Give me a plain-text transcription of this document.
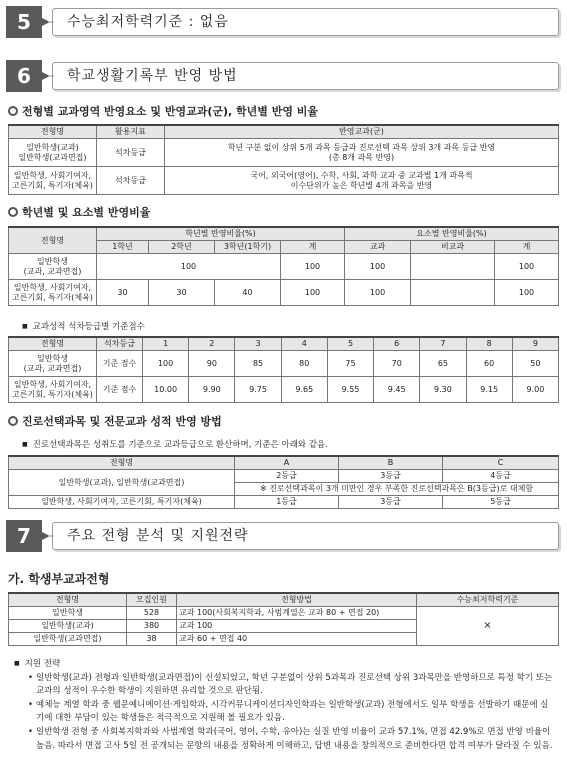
5	수능최저학력기준 : 없음
6	학교생활기록부 반영 방법
전형별 교과영역 반영요소 및 반영교과(군), 학년별 반영 비율
전형명	활용지표	반영교과(군)
일반학생(교과)
일반학생(교과면접)	석차등급	학년 구분 없이 상위 5개 과목 등급과 진로선택 과목 상위 3개 과목 등급 반영
(총 8개 과목 반영)
일반학생, 사회기여자,
고른기회, 특기자(체육)	석차등급	국어, 외국어(영어), 수학, 사회, 과학 교과 중 교과별 1개 과목씩
이수단위가 높은 학년별 4개 과목을 반영
학년별 및 요소별 반영비율
전형명	학년별 반영비율(%)				요소별 반영비율(%)		
	1학년	2학년	3학년(1학기)	계	교과	비교과	계
일반학생
(교과, 교과면접)	100			100	100		100
일반학생, 사회기여자,
고른기회, 특기자(체육)	30	30	40	100	100		100
■ 교과성적 석차등급별 기준점수
전형명	석차등급	1	2	3	4	5	6	7	8	9
일반학생
(교과, 교과면접)	기준 점수	100	90	85	80	75	70	65	60	50
일반학생, 사회기여자,
고른기회, 특기자(체육)	기준 점수	10.00	9.90	9.75	9.65	9.55	9.45	9.30	9.15	9.00
진로선택과목 및 전문교과 성적 반영 방법
■ 진로선택과목은 성취도를 기준으로 교과등급으로 환산하며, 기준은 아래와 같음.
전형명	A	B	C
일반학생(교과), 일반학생(교과면접)	2등급	3등급	4등급
	※ 진로선택과목이 3개 미만인 경우 부족한 진로선택과목은 B(3등급)로 대체함		
일반학생, 사회기여자, 고른기회, 특기자(체육)	1등급	3등급	5등급
7	주요 전형 분석 및 지원전략
가. 학생부교과전형
전형명	모집인원	전형방법	수능최저학력기준
일반학생	528	교과 100(사회복지학과, 사범계열은 교과 80 + 면접 20)	×
일반학생(교과)	380	교과 100	
일반학생(교과면접)	38	교과 60 + 면접 40	
■ 지원 전략
• 일반학생(교과) 전형과 일반학생(교과면접)이 신설되었고, 학년 구분없이 상위 5과목과 진로선택 상위 3과목만을 반영하므로 특정 학기 또는 교과의 성적이 우수한 학생이 지원하면 유리할 것으로 판단됨.
• 예체능 계열 학과 중 웹문예니메이션·게임학과, 시각커뮤니케이션디자인학과는 일반학생(교과) 전형에서도 일부 학생을 선발하기 때문에 실기에 대한 부담이 있는 학생들은 적극적으로 지원해 볼 필요가 있음.
• 일반학생 전형 중 사회복지학과와 사범계열 학과(국어, 영어, 수학, 유아)는 실질 반영 비율이 교과 57.1%, 면접 42.9%로 면접 반영 비율이 높음. 따라서 면접 고사 5일 전 공개되는 문항의 내용을 정확하게 이해하고, 답변 내용을 창의적으로 준비한다면 합격 여부가 달라질 수 있음.
